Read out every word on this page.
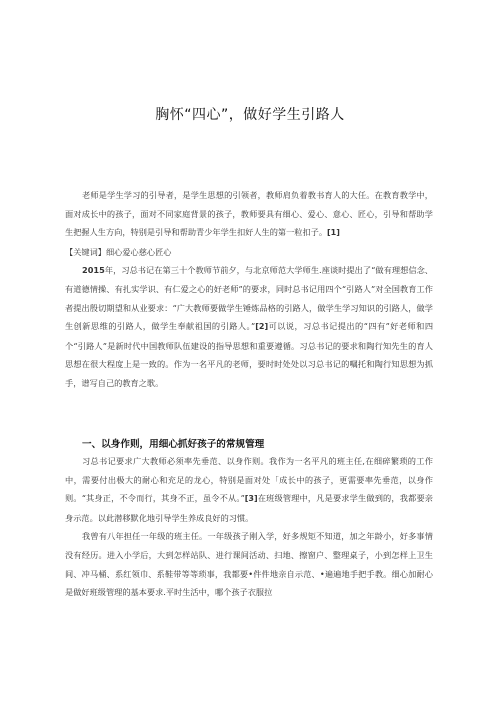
胸怀“四心”，做好学生引路人

老师是学生学习的引导者，是学生思想的引领者，教师肩负着教书育人的大任。在教育教学中，面对成长中的孩子，面对不同家庭背景的孩子，教师要具有细心、爱心、意心、匠心，引导和帮助学生把握人生方向，特别是引导和帮助青少年学生扣好人生的第一粒扣子。[1]

【关键词】细心爱心慈心匠心

2015年，习总书记在第三十个教师节前夕，与北京师范大学师生.座谈时提出了“做有理想信念、有道德情操、有扎实学识、有仁爱之心的好老师”的要求，同时总书记用四个“引路人”对全国教育工作者提出殷切期望和从业要求：“广大教师要做学生锤炼品格的引路人，做学生学习知识的引路人，做学生创新思维的引路人，做学生奉献祖国的引路人。”[2]可以说，习总书记提出的“四有”好老师和四个“引路人”是新时代中国教师队伍建设的指导思想和重要遵循。习总书记的要求和陶行知先生的育人思想在很大程度上是一致的。作为一名平凡的老师，要时时处处以习总书记的嘱托和陶行知思想为抓手，谱写自己的教育之歌。

一、以身作则，用细心抓好孩子的常规管理

习总书记要求广大教师必须率先垂范、以身作则。我作为一名平凡的班主任,在细碎繁琐的工作中，需要付出极大的耐心和充足的龙心，特别是面对处「成长中的孩子，更需要率先垂范，以身作则。“其身正，不令而行，其身不正，虽令不从。”[3]在班级管理中，凡是要求学生做到的，我都要亲身示范。以此潜移默化地引导学生养成良好的习惯。

我曾有八年担任一年级的班主任。一年级孩子刚入学，好多规矩不知道，加之年龄小，好多事情没有经历。进入小学后，大到怎样站队、进行课间活动、扫地、擦窗户、整理桌子，小到怎样上卫生间、冲马桶、系红领巾、系鞋带等等琐事，我都要•件件地亲自示范、•遍遍地手把手教。细心加耐心是做好班级管理的基本要求.平时生活中，哪个孩子衣服拉
